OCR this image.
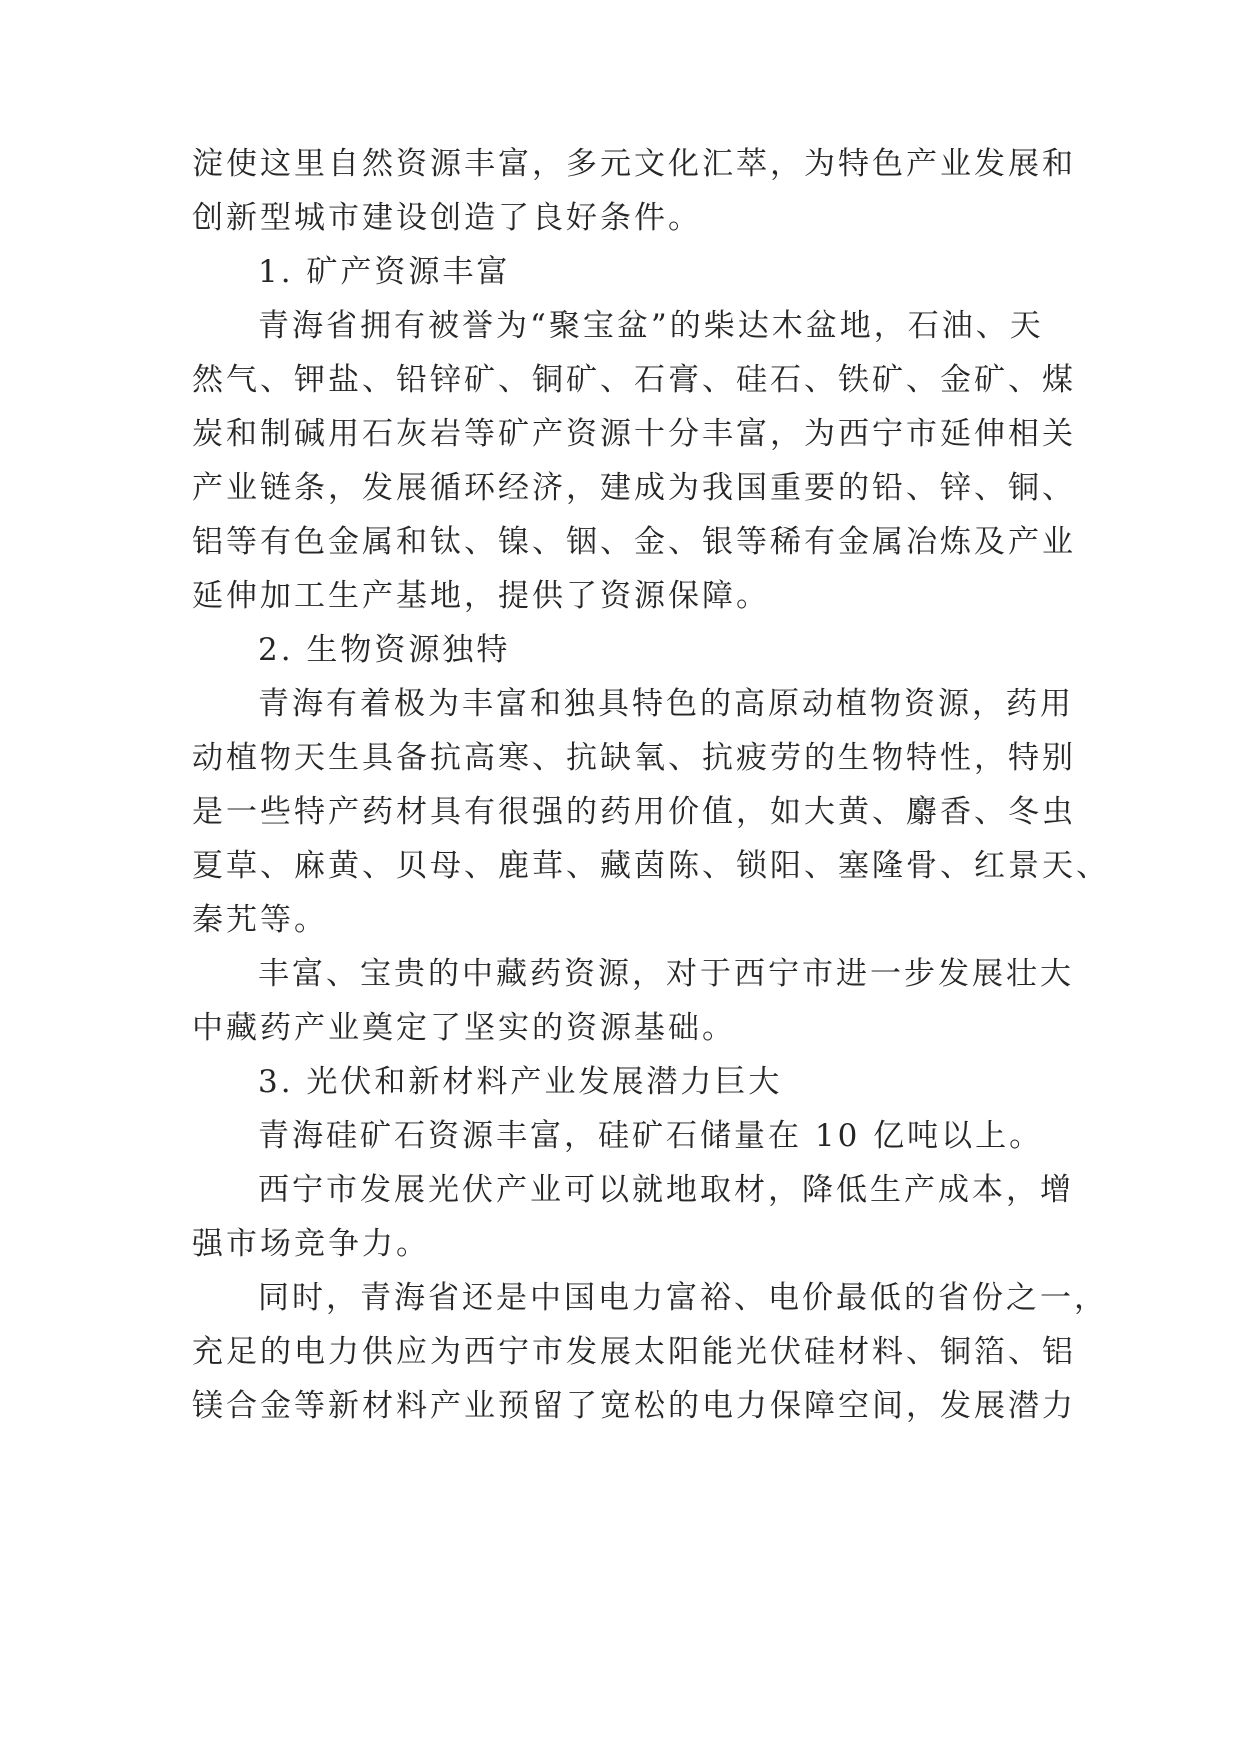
淀使这里自然资源丰富，多元文化汇萃，为特色产业发展和
创新型城市建设创造了良好条件。
1. 矿产资源丰富
青海省拥有被誉为“聚宝盆”的柴达木盆地，石油、天
然气、钾盐、铅锌矿、铜矿、石膏、硅石、铁矿、金矿、煤
炭和制碱用石灰岩等矿产资源十分丰富，为西宁市延伸相关
产业链条，发展循环经济，建成为我国重要的铅、锌、铜、
铝等有色金属和钛、镍、铟、金、银等稀有金属冶炼及产业
延伸加工生产基地，提供了资源保障。
2. 生物资源独特
青海有着极为丰富和独具特色的高原动植物资源，药用
动植物天生具备抗高寒、抗缺氧、抗疲劳的生物特性，特别
是一些特产药材具有很强的药用价值，如大黄、麝香、冬虫
夏草、麻黄、贝母、鹿茸、藏茵陈、锁阳、塞隆骨、红景天、
秦艽等。
丰富、宝贵的中藏药资源，对于西宁市进一步发展壮大
中藏药产业奠定了坚实的资源基础。
3. 光伏和新材料产业发展潜力巨大
青海硅矿石资源丰富，硅矿石储量在 10 亿吨以上。
西宁市发展光伏产业可以就地取材，降低生产成本，增
强市场竞争力。
同时，青海省还是中国电力富裕、电价最低的省份之一，
充足的电力供应为西宁市发展太阳能光伏硅材料、铜箔、铝
镁合金等新材料产业预留了宽松的电力保障空间，发展潜力
